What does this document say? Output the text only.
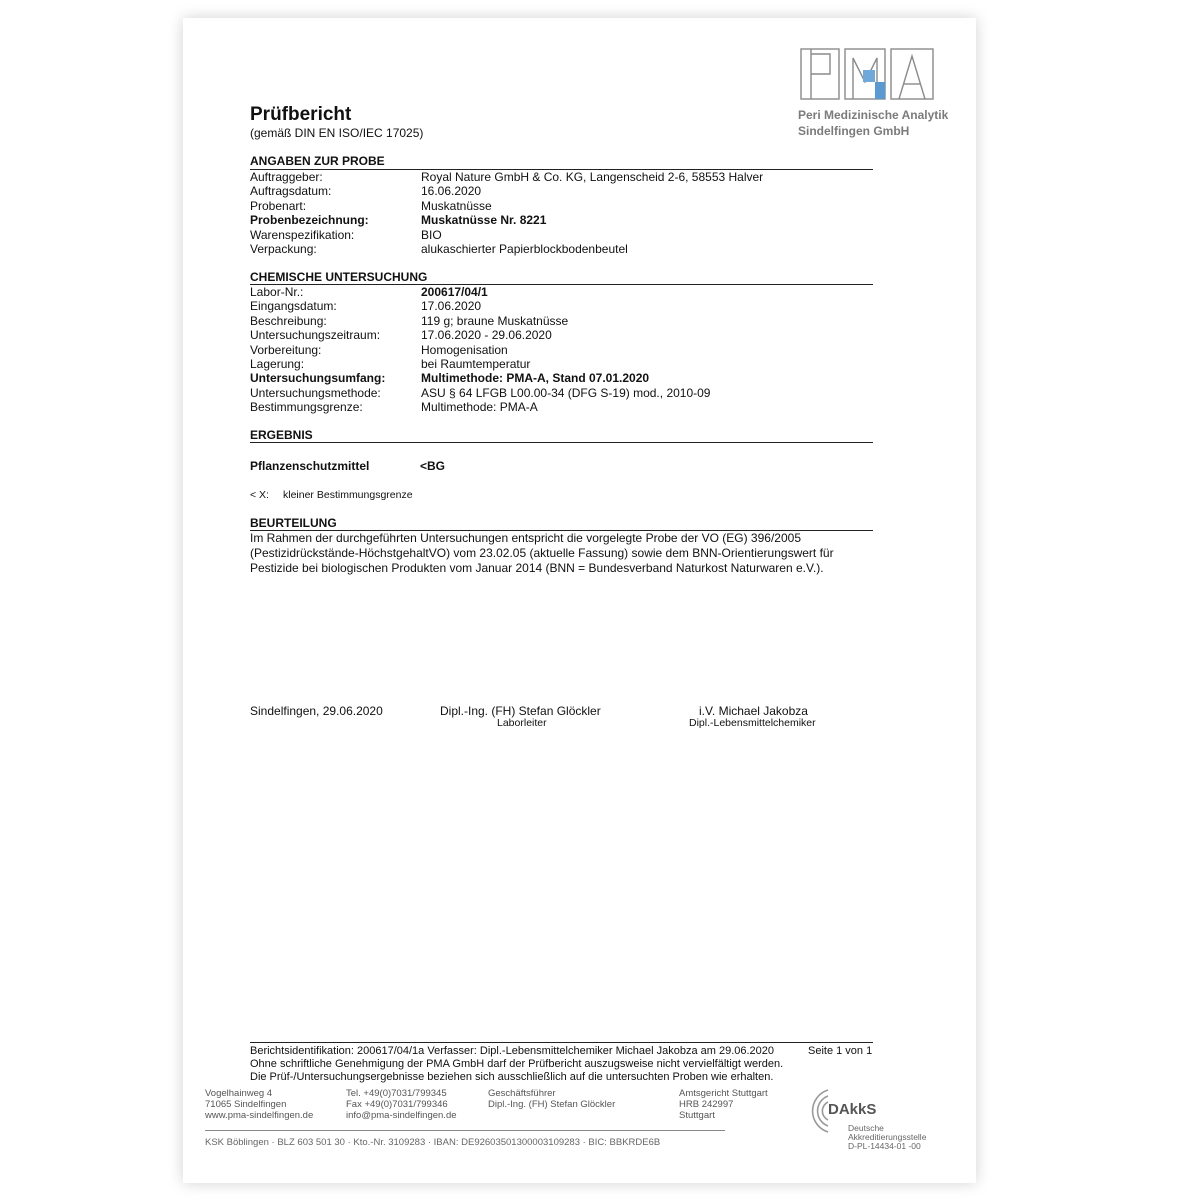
Peri Medizinische Analytik
Sindelfingen GmbH
Prüfbericht
(gemäß DIN EN ISO/IEC 17025)
ANGABEN ZUR PROBE
Auftraggeber:	Royal Nature GmbH & Co. KG, Langenscheid 2-6, 58553 Halver
Auftragsdatum:	16.06.2020
Probenart:	Muskatnüsse
Probenbezeichnung:	Muskatnüsse Nr. 8221
Warenspezifikation:	BIO
Verpackung:	alukaschierter Papierblockbodenbeutel
CHEMISCHE UNTERSUCHUNG
Labor-Nr.:	200617/04/1
Eingangsdatum:	17.06.2020
Beschreibung:	119 g; braune Muskatnüsse
Untersuchungszeitraum:	17.06.2020 - 29.06.2020
Vorbereitung:	Homogenisation
Lagerung:	bei Raumtemperatur
Untersuchungsumfang:	Multimethode: PMA-A, Stand 07.01.2020
Untersuchungsmethode:	ASU § 64 LFGB L00.00-34 (DFG S-19) mod., 2010-09
Bestimmungsgrenze:	Multimethode: PMA-A
ERGEBNIS
Pflanzenschutzmittel	<BG
< X: kleiner Bestimmungsgrenze
BEURTEILUNG
Im Rahmen der durchgeführten Untersuchungen entspricht die vorgelegte Probe der VO (EG) 396/2005
(Pestizidrückstände-HöchstgehaltVO) vom 23.02.05 (aktuelle Fassung) sowie dem BNN-Orientierungswert für
Pestizide bei biologischen Produkten vom Januar 2014 (BNN = Bundesverband Naturkost Naturwaren e.V.).
Sindelfingen, 29.06.2020	Dipl.-Ing. (FH) Stefan Glöckler
Laborleiter
i.V. Michael Jakobza
Dipl.-Lebensmittelchemiker
Berichtsidentifikation: 200617/04/1a Verfasser: Dipl.-Lebensmittelchemiker Michael Jakobza am 29.06.2020	Seite 1 von 1
Ohne schriftliche Genehmigung der PMA GmbH darf der Prüfbericht auszugsweise nicht vervielfältigt werden.
Die Prüf-/Untersuchungsergebnisse beziehen sich ausschließlich auf die untersuchten Proben wie erhalten.
Vogelhainweg 4
71065 Sindelfingen
www.pma-sindelfingen.de
Tel. +49(0)7031/799345
Fax +49(0)7031/799346
info@pma-sindelfingen.de
Geschäftsführer
Dipl.-Ing. (FH) Stefan Glöckler
Amtsgericht Stuttgart
HRB 242997
Stuttgart
KSK Böblingen · BLZ 603 501 30 · Kto.-Nr. 3109283 · IBAN: DE92603501300003109283 · BIC: BBKRDE6B
DAkkS
Deutsche
Akkreditierungsstelle
D-PL-14434-01 -00
